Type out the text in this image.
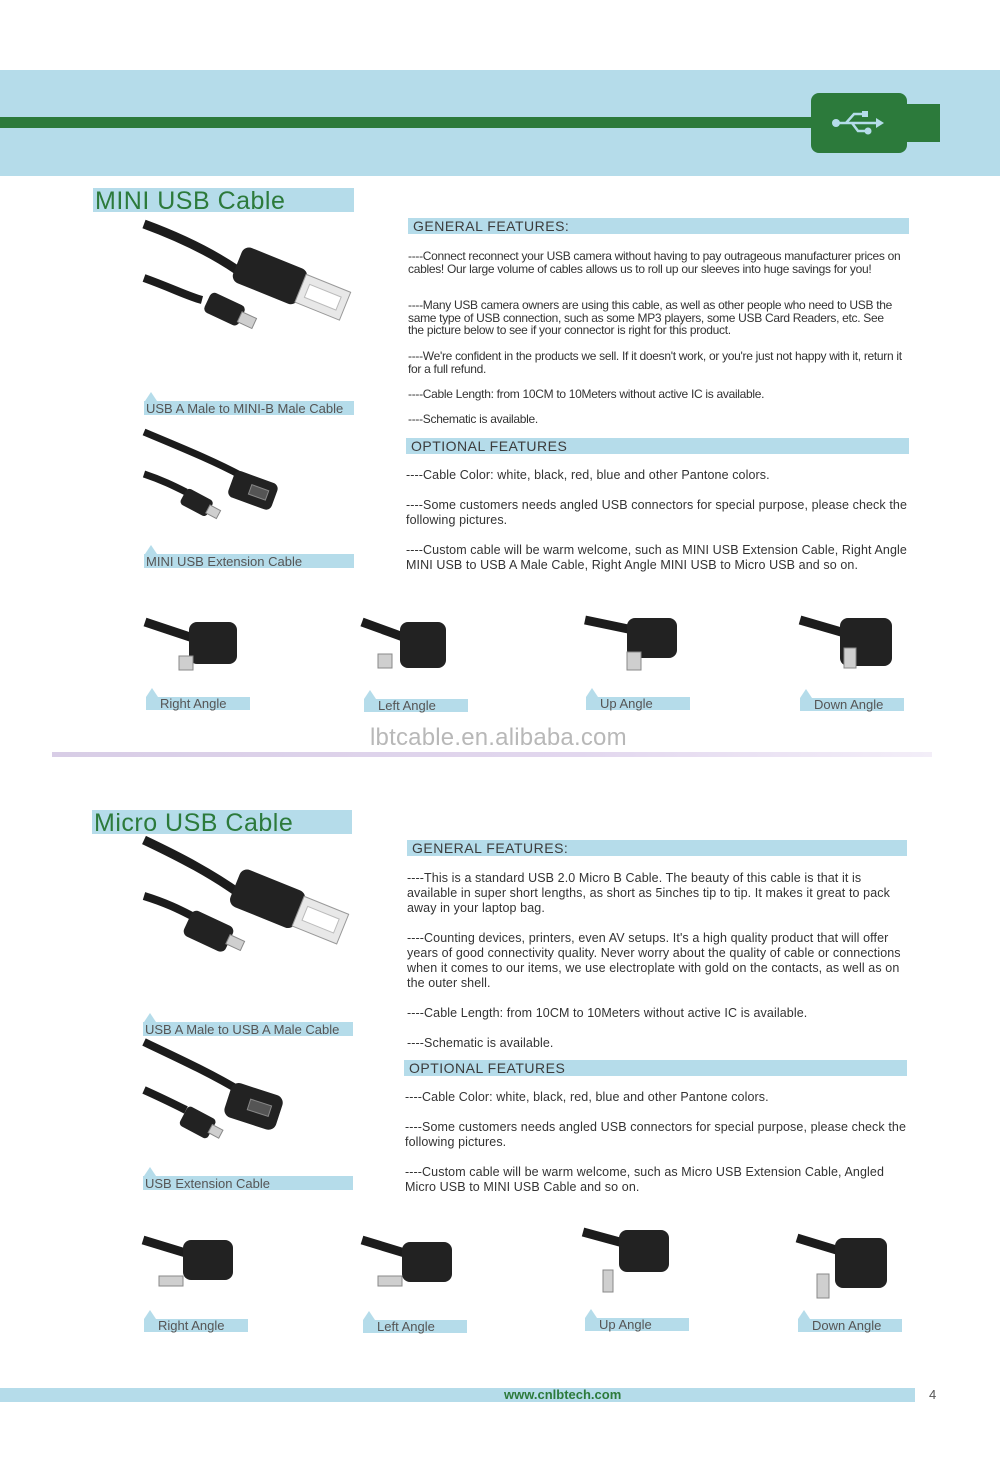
MINI USB Cable
USB A Male to MINI-B Male Cable
MINI USB Extension Cable
GENERAL FEATURES:
----Connect reconnect your USB camera without having to pay outrageous manufacturer prices on cables! Our large volume of cables allows us to roll up our sleeves into huge savings for you!
----Many USB camera owners are using this cable, as well as other people who need to USB the same type of USB connection, such as some MP3 players, some USB Card Readers, etc. See the picture below to see if your connector is right for this product.
----We're confident in the products we sell. If it doesn't work, or you're just not happy with it, return it for a full refund.
----Cable Length: from 10CM to 10Meters without active IC is available.
----Schematic is available.
OPTIONAL FEATURES
----Cable Color: white, black, red, blue and other Pantone colors.
----Some customers needs angled USB connectors for special purpose, please check the following pictures.
----Custom cable will be warm welcome, such as MINI USB Extension Cable, Right Angle MINI USB to USB A Male Cable, Right Angle MINI USB to Micro USB and so on.
Right Angle	Left Angle	Up Angle	Down Angle
lbtcable.en.alibaba.com
Micro USB Cable
USB A Male to USB A Male Cable
USB Extension Cable
GENERAL FEATURES:
----This is a standard USB 2.0 Micro B Cable. The beauty of this cable is that it is available in super short lengths, as short as 5inches tip to tip. It makes it great to pack away in your laptop bag.
----Counting devices, printers, even AV setups. It's a high quality product that will offer years of good connectivity quality. Never worry about the quality of cable or connections when it comes to our items, we use electroplate with gold on the contacts, as well as on the outer shell.
----Cable Length: from 10CM to 10Meters without active IC is available.
----Schematic is available.
OPTIONAL FEATURES
----Cable Color: white, black, red, blue and other Pantone colors.
----Some customers needs angled USB connectors for special purpose, please check the following pictures.
----Custom cable will be warm welcome, such as Micro USB Extension Cable, Angled Micro USB to MINI USB Cable and so on.
Right Angle	Left Angle	Up Angle	Down Angle
www.cnlbtech.com	4
